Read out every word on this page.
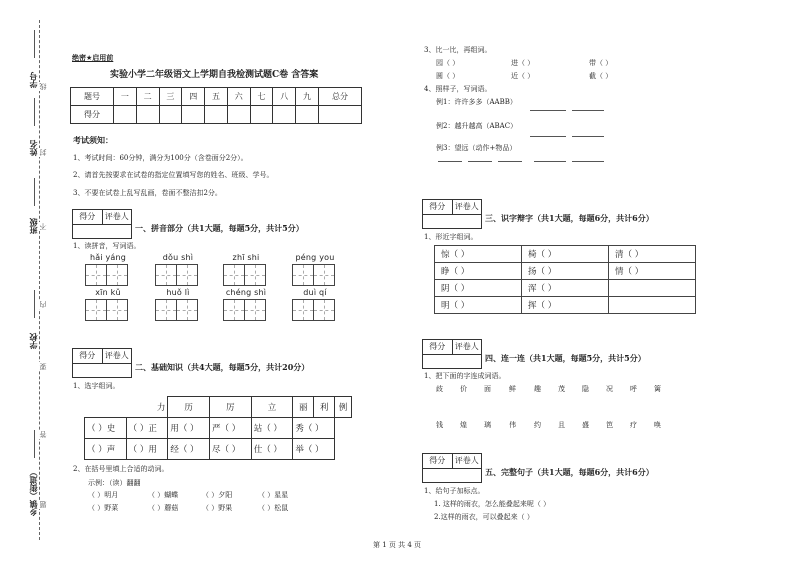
学号
姓名
班级
学校
乡镇（街道）
线
封
不
内
要
答
题
绝密★启用前
实验小学二年级语文上学期自我检测试题C卷 含答案
题号	一	二	三	四	五	六	七	八	九	总分
得分										
考试须知：
1、考试时间：60分钟，满分为100分（含卷面分2分）。
2、请首先按要求在试卷的指定位置填写您的姓名、班级、学号。
3、不要在试卷上乱写乱画，卷面不整洁扣2分。
得分	评卷人
一、拼音部分（共1大题，每题5分，共计5分）
1、读拼音，写词语。
hǎi yáng	dǒu shì	zhī shi	péng you
xīn kǔ	huǒ lì	chéng shì	duì qí
得分	评卷人
二、基础知识（共4大题，每题5分，共计20分）
1、选字组词。
力		历	厉	立	丽	利	例
（ ）史	（ ）正	用（ ）	严（ ）	站（ ）	秀（ ）		
（ ）声	（ ）用	经（ ）	尽（ ）	仕（ ）	举（ ）		
2、在括号里填上合适的动词。
示例：（读）翻翻
（ ）明月	（ ）蝴蝶	（ ）夕阳	（ ）星星
（ ）野菜	（ ）蘑菇	（ ）野果	（ ）松鼠
3、比一比，再组词。
园（ ）	进（ ）	带（ ）
圆（ ）	近（ ）	截（ ）
4、照样子，写词语。
例1：许许多多（AABB）
例2：越升越高（ABAC）
例3：望远（动作+物品）
得分	评卷人
三、识字辩字（共1大题，每题6分，共计6分）
1、形近字组词。
惊（ ）	椅（ ）	清（ ）
睁（ ）	扬（ ）	情（ ）
阴（ ）	浑（ ）	
明（ ）	挥（ ）	
得分	评卷人
四、连一连（共1大题，每题5分，共计5分）
1、把下面的字连成词语。
歧 价 面	鲜	趣 茂 隐 况 呼 篱
钱 煌 璃	伟	约 且 盛 笆 疗 唤
得分	评卷人
五、完整句子（共1大题，每题6分，共计6分）
1、给句子加标点。
1. 这样的雨衣，怎么能叠起来呢（ ）
2.这样的雨衣，可以叠起来（ ）
第 1 页 共 4 页
